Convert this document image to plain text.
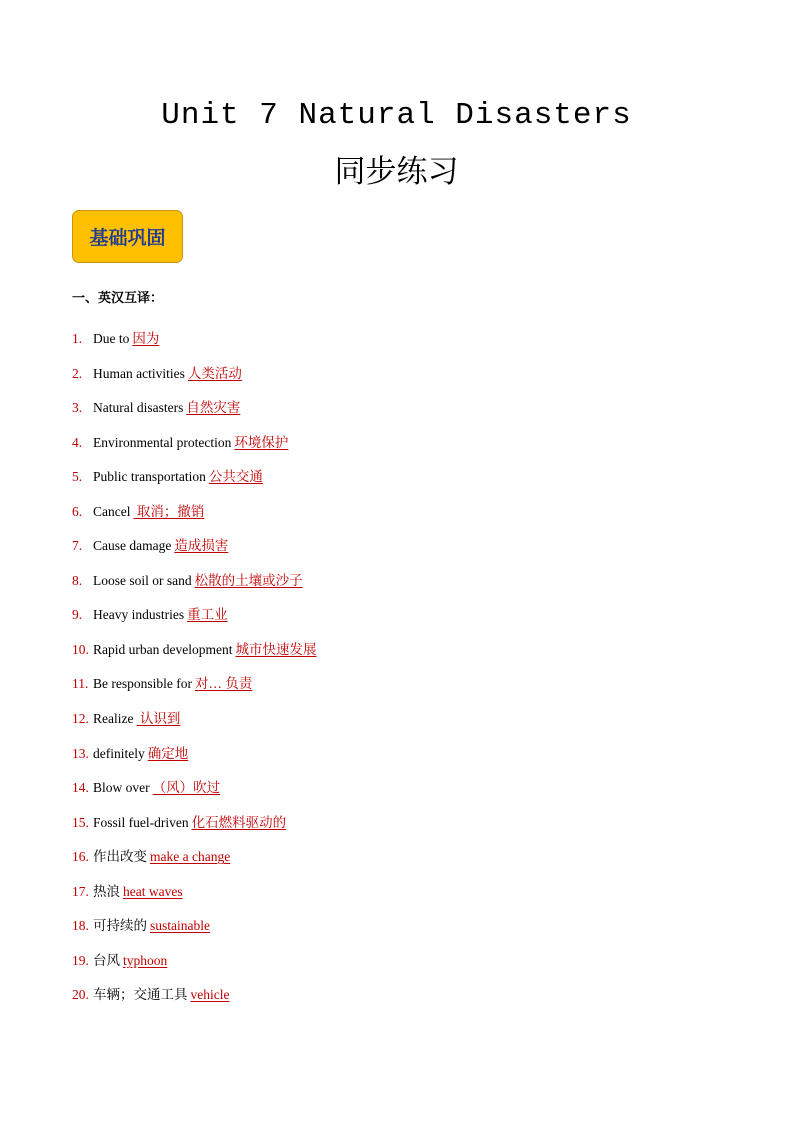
Unit 7 Natural Disasters
同步练习
基础巩固
一、英汉互译：
1. Due to 因为
2. Human activities 人类活动
3. Natural disasters 自然灾害
4. Environmental protection 环境保护
5. Public transportation 公共交通
6. Cancel 取消；撤销
7. Cause damage 造成损害
8. Loose soil or sand 松散的土壤或沙子
9. Heavy industries 重工业
10. Rapid urban development 城市快速发展
11. Be responsible for 对… 负责
12. Realize 认识到
13. definitely 确定地
14. Blow over （风）吹过
15. Fossil fuel-driven 化石燃料驱动的
16. 作出改变 make a change
17. 热浪 heat waves
18. 可持续的 sustainable
19. 台风 typhoon
20. 车辆；交通工具 vehicle
